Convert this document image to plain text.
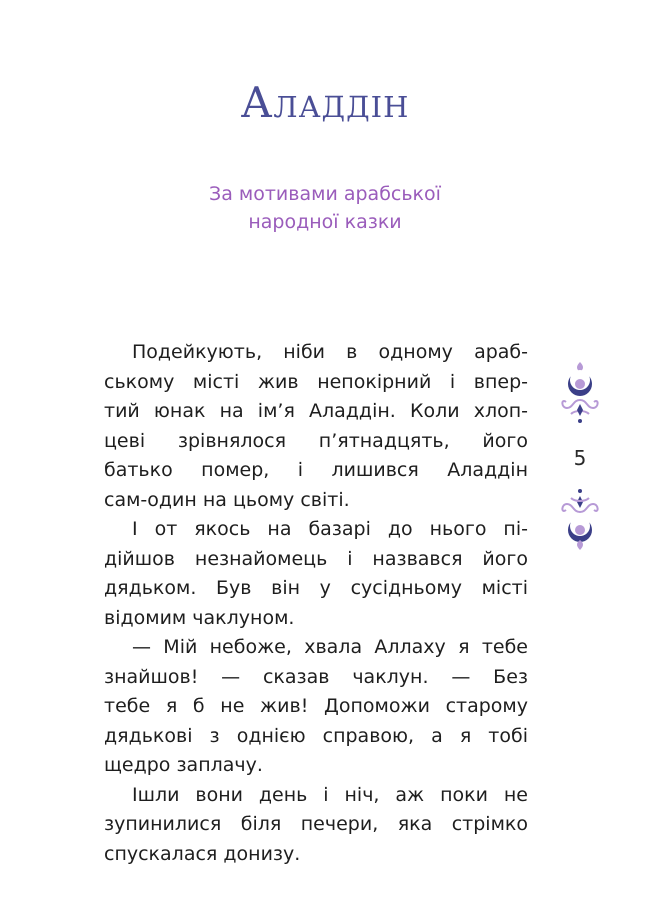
Аладдін
За мотивами арабської
народної казки

Подейкують, ніби в одному араб-
ському місті жив непокірний і впер-
тий юнак на ім’я Аладдін. Коли хлоп-
цеві зрівнялося п’ятнадцять, його
батько помер, і лишився Аладдін
сам-один на цьому світі.

І от якось на базарі до нього пі-
дійшов незнайомець і назвався його
дядьком. Був він у сусідньому місті
відомим чаклуном.

— Мій небоже, хвала Аллаху я тебе
знайшов! — сказав чаклун. — Без
тебе я б не жив! Допоможи старому
дядькові з однією справою, а я тобі
щедро заплачу.

Ішли вони день і ніч, аж поки не
зупинилися біля печери, яка стрімко
спускалася донизу.

5
